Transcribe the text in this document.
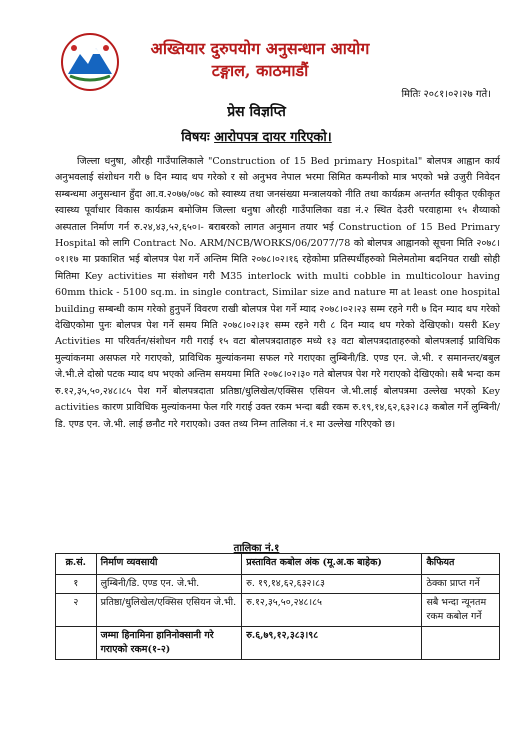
अख्तियार दुरुपयोग अनुसन्धान आयोग
टङ्गाल, काठमाडौं
मितिः २०८१।०२।२७ गते।
प्रेस विज्ञप्ति
विषयः आरोपपत्र दायर गरिएको।

जिल्ला धनुषा, औरही गाउँपालिकाले "Construction of 15 Bed primary Hospital" बोलपत्र आह्वान कार्य अनुभवलाई संशोधन गरी ७ दिन म्याद थप गरेको र सो अनुभव नेपाल भरमा सिमित कम्पनीको मात्र भएको भन्ने उजुरी निवेदन सम्बन्धमा अनुसन्धान हुँदा आ.व.२०७७/०७८ को स्वास्थ्य तथा जनसंख्या मन्त्रालयको नीति तथा कार्यक्रम अन्तर्गत स्वीकृत एकीकृत स्वास्थ्य पूर्वाधार विकास कार्यक्रम बमोजिम जिल्ला धनुषा औरही गाउँपालिका वडा नं.२ स्थित देउरी परवाहामा १५ शैय्याको अस्पताल निर्माण गर्न रु.२४,४३,५२,६५०।- बराबरको लागत अनुमान तयार भई Construction of 15 Bed Primary Hospital को लागि Contract No. ARM/NCB/WORKS/06/2077/78 को बोलपत्र आह्वानको सूचना मिति २०७८।०१।१७ मा प्रकाशित भई बोलपत्र पेश गर्ने अन्तिम मिति २०७८।०२।१६ रहेकोमा प्रतिस्पर्धीहरुको मिलेमतोमा बदनियत राखी सोही मितिमा Key activities मा संशोधन गरी M35 interlock with multi cobble in multicolour having 60mm thick - 5100 sq.m. in single contract, Similar size and nature मा at least one hospital building सम्बन्धी काम गरेको हुनुपर्ने विवरण राखी बोलपत्र पेश गर्ने म्याद २०७८।०२।२३ सम्म रहने गरी ७ दिन म्याद थप गरेको देखिएकोमा पुनः बोलपत्र पेश गर्ने समय मिति २०७८।०२।३१ सम्म रहने गरी ८ दिन म्याद थप गरेको देखिएको। यसरी Key Activities मा परिवर्तन/संशोधन गरी गराई १५ वटा बोलपत्रदाताहरु मध्ये १३ वटा बोलपत्रदाताहरुको बोलपत्रलाई प्राविधिक मुल्यांकनमा असफल गरे गराएको, प्राविधिक मुल्यांकनमा सफल गरे गराएका लुम्बिनी/डि. एण्ड एन. जे.भी. र समानन्तर/बबुल जे.भी.ले दोस्रो पटक म्याद थप भएको अन्तिम समयमा मिति २०७८।०२।३० गते बोलपत्र पेश गरे गराएको देखिएको। सबै भन्दा कम रु.१२,३५,५०,२४८।८५ पेश गर्ने बोलपत्रदाता प्रतिष्ठा/धुलिखेल/एक्सिस एसियन जे.भी.लाई बोलपत्रमा उल्लेख भएको Key activities कारण प्राविधिक मुल्यांकनमा फेल गरि गराई उक्त रकम भन्दा बढी रकम रु.१९,१४,६२,६३२।८३ कबोल गर्ने लुम्बिनी/डि. एण्ड एन. जे.भी. लाई छनौट गरे गराएको। उक्त तथ्य निम्न तालिका नं.१ मा उल्लेख गरिएको छ।

तालिका नं.१
क्र.सं.	निर्माण व्यवसायी	प्रस्तावित कबोल अंक (मू.अ.क बाहेक)	कैफियत
१	लुम्बिनी/डि. एण्ड एन. जे.भी.	रु. १९,१४,६२,६३२।८३	ठेक्का प्राप्त गर्ने
२	प्रतिष्ठा/धुलिखेल/एक्सिस एसियन जे.भी.	रु.१२,३५,५०,२४८।८५	सबै भन्दा न्यूनतम रकम कबोल गर्ने
	जम्मा हिनामिना हानिनोक्सानी गरे गराएको रकम(१-२)	रु.६,७९,१२,३८३।९८	
